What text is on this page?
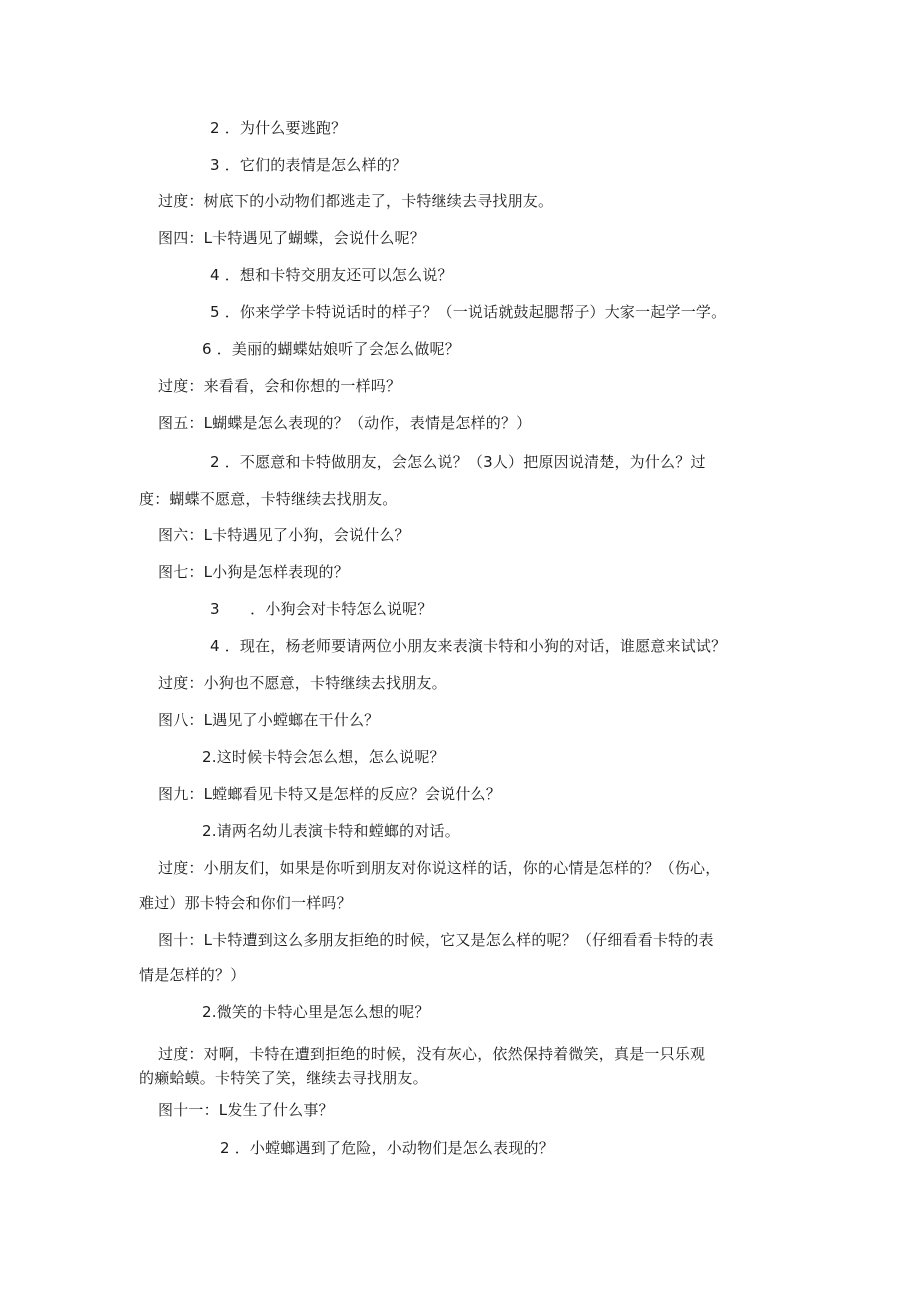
2 ．为什么要逃跑？
3 ．它们的表情是怎么样的？
过度：树底下的小动物们都逃走了，卡特继续去寻找朋友。
图四：L卡特遇见了蝴蝶，会说什么呢？
4 ．想和卡特交朋友还可以怎么说？
5 ．你来学学卡特说话时的样子？（一说话就鼓起腮帮子）大家一起学一学。
6 ．美丽的蝴蝶姑娘听了会怎么做呢？
过度：来看看，会和你想的一样吗？
图五：L蝴蝶是怎么表现的？（动作，表情是怎样的？）
2 ．不愿意和卡特做朋友，会怎么说？（3人）把原因说清楚，为什么？过
度：蝴蝶不愿意，卡特继续去找朋友。
图六：L卡特遇见了小狗，会说什么？
图七：L小狗是怎样表现的？
3　　．小狗会对卡特怎么说呢？
4 ．现在，杨老师要请两位小朋友来表演卡特和小狗的对话，谁愿意来试试？
过度：小狗也不愿意，卡特继续去找朋友。
图八：L遇见了小螳螂在干什么？
2.这时候卡特会怎么想，怎么说呢？
图九：L螳螂看见卡特又是怎样的反应？会说什么？
2.请两名幼儿表演卡特和螳螂的对话。
过度：小朋友们，如果是你听到朋友对你说这样的话，你的心情是怎样的？（伤心，
难过）那卡特会和你们一样吗？
图十：L卡特遭到这么多朋友拒绝的时候，它又是怎么样的呢？（仔细看看卡特的表
情是怎样的？）
2.微笑的卡特心里是怎么想的呢？
过度：对啊，卡特在遭到拒绝的时候，没有灰心，依然保持着微笑，真是一只乐观
的癞蛤蟆。卡特笑了笑，继续去寻找朋友。
图十一：L发生了什么事？
2 ．小螳螂遇到了危险，小动物们是怎么表现的？
